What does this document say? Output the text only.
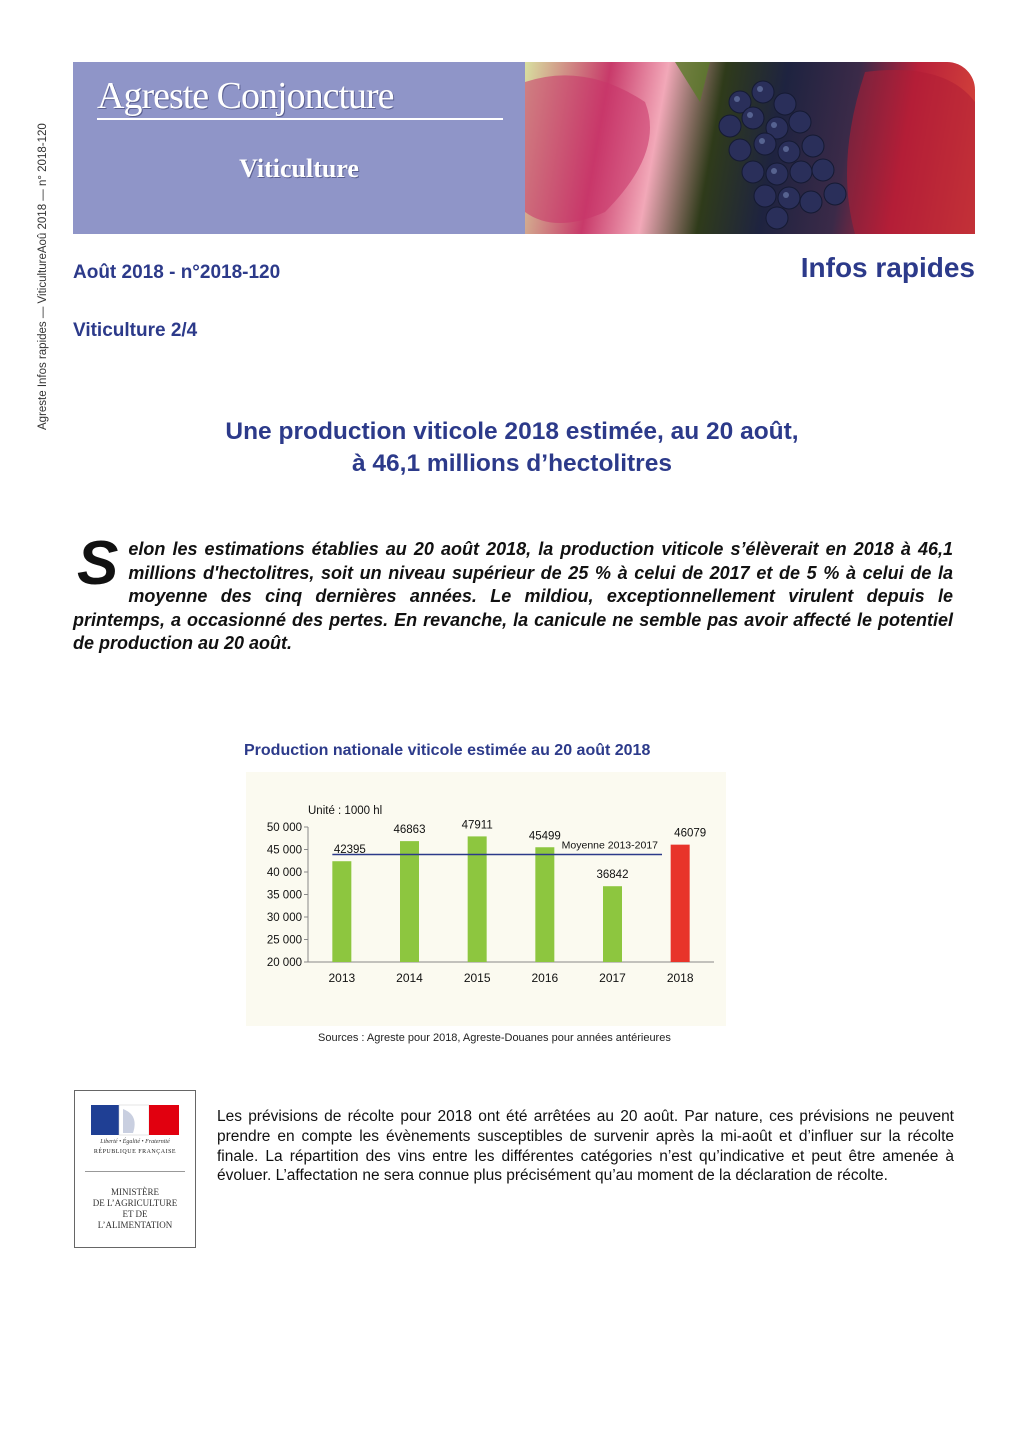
Agreste Infos rapides — ViticultureAoû 2018 — n° 2018-120
Agreste Conjoncture
Viticulture
Août 2018 - n°2018-120	Infos rapides
Viticulture 2/4
Une production viticole 2018 estimée, au 20 août,
à 46,1 millions d’hectolitres
Selon les estimations établies au 20 août 2018, la production viticole s’élèverait en 2018 à 46,1 millions d'hectolitres, soit un niveau supérieur de 25 % à celui de 2017 et de 5 % à celui de la moyenne des cinq dernières années. Le mildiou, exceptionnellement virulent depuis le printemps, a occasionné des pertes. En revanche, la canicule ne semble pas avoir affecté le potentiel de production au 20 août.
Production nationale viticole estimée au 20 août 2018
Unité : 1000 hl
20 000
25 000
30 000
35 000
40 000
45 000
50 000
2013
42395
2014
46863
2015
47911
2016
45499
2017
36842
2018
46079
Moyenne 2013-2017
Sources : Agreste pour 2018, Agreste-Douanes pour années antérieures
Liberté • Égalité • Fraternité
RÉPUBLIQUE FRANÇAISE
MINISTÈRE
DE L’AGRICULTURE
ET DE
L’ALIMENTATION
Les prévisions de récolte pour 2018 ont été arrêtées au 20 août. Par nature, ces prévisions ne peuvent prendre en compte les évènements susceptibles de survenir après la mi-août et d’influer sur la récolte finale. La répartition des vins entre les différentes catégories n’est qu’indicative et peut être amenée à évoluer. L’affectation ne sera connue plus précisément qu’au moment de la déclaration de récolte.
